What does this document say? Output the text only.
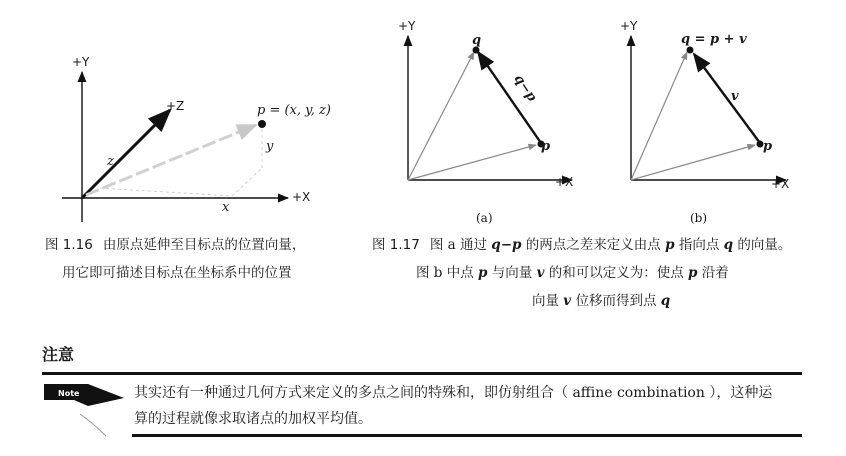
+Y
+Z
+X
p = (x, y, z)
z
y
x
+Y
+X
q
p
q−p
(a)
+Y
+X
q = p + v
v
p
(b)
图 1.16 由原点延伸至目标点的位置向量，
用它即可描述目标点在坐标系中的位置
图 1.17 图 a 通过 q−p 的两点之差来定义由点 p 指向点 q 的向量。
图 b 中点 p 与向量 v 的和可以定义为：使点 p 沿着
向量 v 位移而得到点 q
注意
Note	其实还有一种通过几何方式来定义的多点之间的特殊和，即仿射组合（ affine combination ），这种运算的过程就像求取诸点的加权平均值。
